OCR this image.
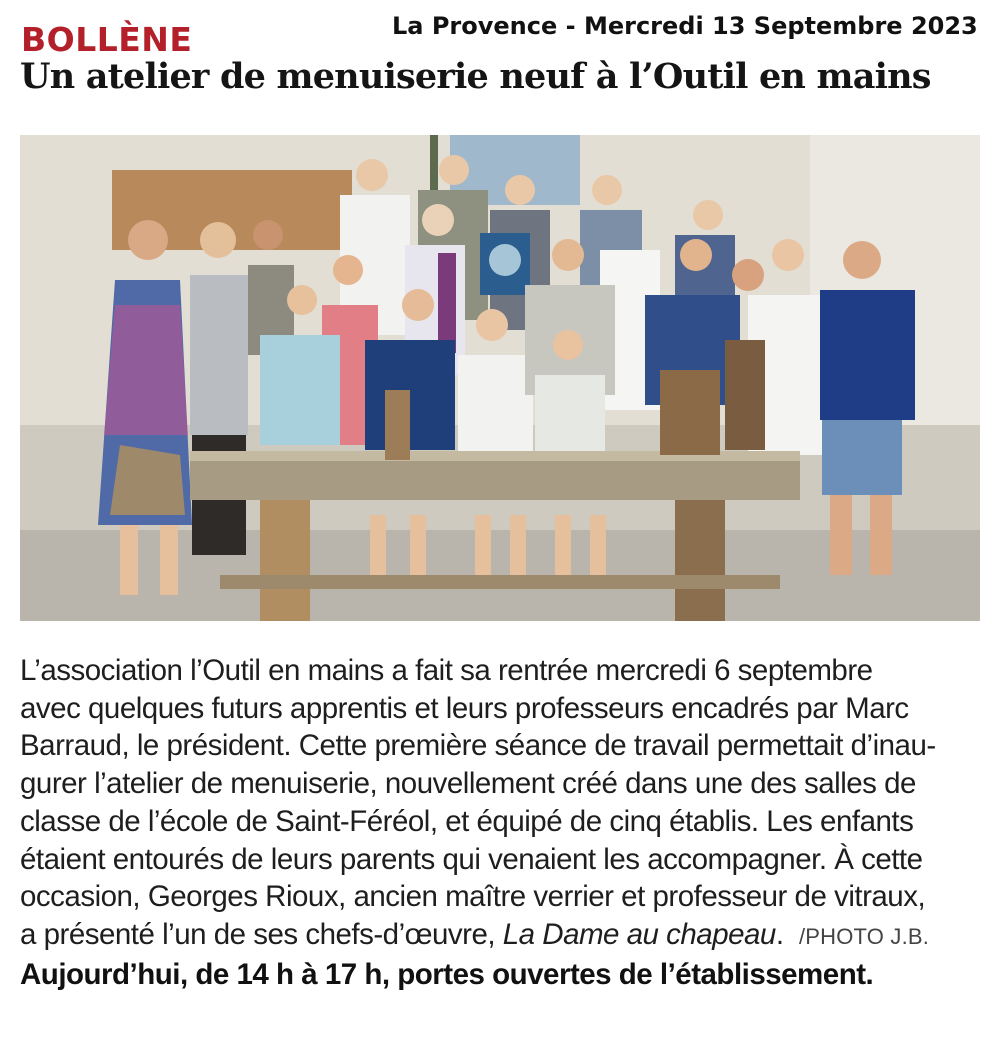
BOLLÈNE	La Provence - Mercredi 13 Septembre 2023
Un atelier de menuiserie neuf à l’Outil en mains
L’association l’Outil en mains a fait sa rentrée mercredi 6 septembre
avec quelques futurs apprentis et leurs professeurs encadrés par Marc
Barraud, le président. Cette première séance de travail permettait d’inau-
gurer l’atelier de menuiserie, nouvellement créé dans une des salles de
classe de l’école de Saint-Féréol, et équipé de cinq établis. Les enfants
étaient entourés de leurs parents qui venaient les accompagner. À cette
occasion, Georges Rioux, ancien maître verrier et professeur de vitraux,
a présenté l’un de ses chefs-d’œuvre, La Dame au chapeau. /PHOTO J.B.
Aujourd’hui, de 14 h à 17 h, portes ouvertes de l’établissement.
